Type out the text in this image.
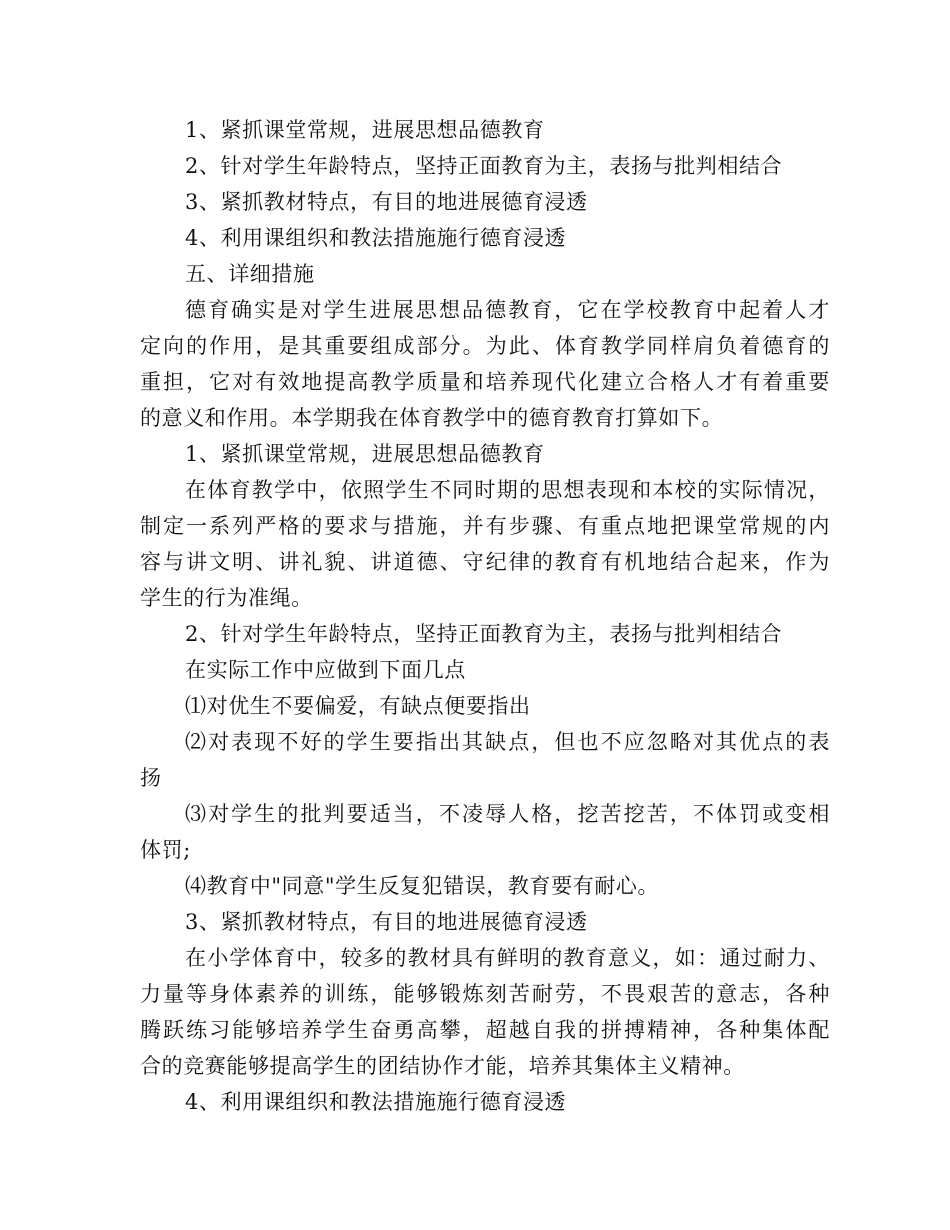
1、紧抓课堂常规，进展思想品德教育
2、针对学生年龄特点，坚持正面教育为主，表扬与批判相结合
3、紧抓教材特点，有目的地进展德育浸透
4、利用课组织和教法措施施行德育浸透
五、详细措施
德育确实是对学生进展思想品德教育，它在学校教育中起着人才
定向的作用，是其重要组成部分。为此、体育教学同样肩负着德育的
重担，它对有效地提高教学质量和培养现代化建立合格人才有着重要
的意义和作用。本学期我在体育教学中的德育教育打算如下。
1、紧抓课堂常规，进展思想品德教育
在体育教学中，依照学生不同时期的思想表现和本校的实际情况，
制定一系列严格的要求与措施，并有步骤、有重点地把课堂常规的内
容与讲文明、讲礼貌、讲道德、守纪律的教育有机地结合起来，作为
学生的行为准绳。
2、针对学生年龄特点，坚持正面教育为主，表扬与批判相结合
在实际工作中应做到下面几点
⑴对优生不要偏爱，有缺点便要指出
⑵对表现不好的学生要指出其缺点，但也不应忽略对其优点的表
扬
⑶对学生的批判要适当，不凌辱人格，挖苦挖苦，不体罚或变相
体罚;
⑷教育中"同意"学生反复犯错误，教育要有耐心。
3、紧抓教材特点，有目的地进展德育浸透
在小学体育中，较多的教材具有鲜明的教育意义，如：通过耐力、
力量等身体素养的训练，能够锻炼刻苦耐劳，不畏艰苦的意志，各种
腾跃练习能够培养学生奋勇高攀，超越自我的拼搏精神，各种集体配
合的竞赛能够提高学生的团结协作才能，培养其集体主义精神。
4、利用课组织和教法措施施行德育浸透
